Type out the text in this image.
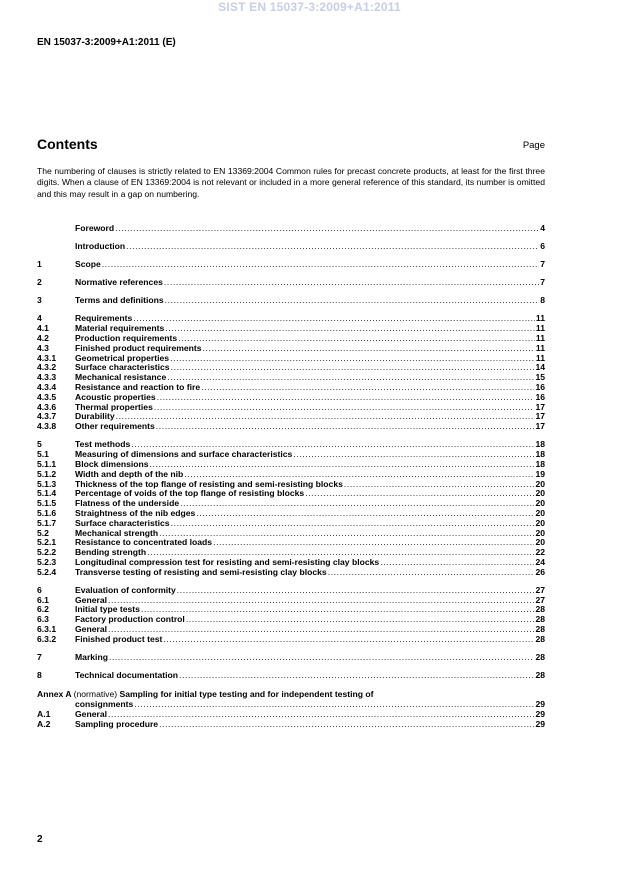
SIST EN 15037-3:2009+A1:2011
EN 15037-3:2009+A1:2011 (E)
Contents	Page
The numbering of clauses is strictly related to EN 13369:2004 Common rules for precast concrete products, at least for the first three digits. When a clause of EN 13369:2004 is not relevant or included in a more general reference of this standard, its number is omitted and this may result in a gap on numbering.
Foreword .....	4
Introduction .....	6
1	Scope .....	7
2	Normative references .....	7
3	Terms and definitions .....	8
4	Requirements .....	11
4.1	Material requirements .....	11
4.2	Production requirements .....	11
4.3	Finished product requirements .....	11
4.3.1	Geometrical properties .....	11
4.3.2	Surface characteristics .....	14
4.3.3	Mechanical resistance .....	15
4.3.4	Resistance and reaction to fire .....	16
4.3.5	Acoustic properties .....	16
4.3.6	Thermal properties .....	17
4.3.7	Durability .....	17
4.3.8	Other requirements .....	17
5	Test methods .....	18
5.1	Measuring of dimensions and surface characteristics .....	18
5.1.1	Block dimensions .....	18
5.1.2	Width and depth of the nib .....	19
5.1.3	Thickness of the top flange of resisting and semi-resisting blocks .....	20
5.1.4	Percentage of voids of the top flange of resisting blocks .....	20
5.1.5	Flatness of the underside .....	20
5.1.6	Straightness of the nib edges .....	20
5.1.7	Surface characteristics .....	20
5.2	Mechanical strength .....	20
5.2.1	Resistance to concentrated loads .....	20
5.2.2	Bending strength .....	22
5.2.3	Longitudinal compression test for resisting and semi-resisting clay blocks .....	24
5.2.4	Transverse testing of resisting and semi-resisting clay blocks .....	26
6	Evaluation of conformity .....	27
6.1	General .....	27
6.2	Initial type tests .....	28
6.3	Factory production control .....	28
6.3.1	General .....	28
6.3.2	Finished product test .....	28
7	Marking .....	28
8	Technical documentation .....	28
Annex A (normative) Sampling for initial type testing and for independent testing of
consignments .....	29
A.1	General .....	29
A.2	Sampling procedure .....	29
2
